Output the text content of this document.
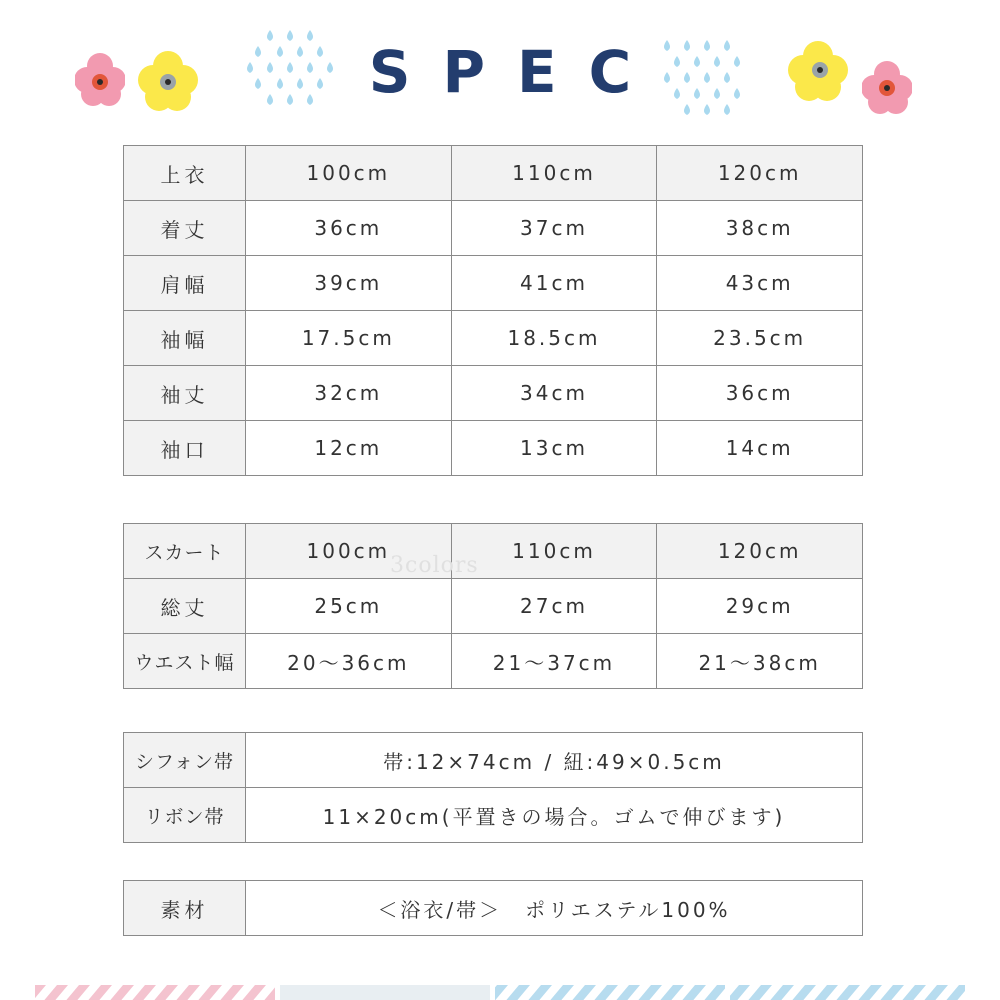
SPEC
上衣	100cm	110cm	120cm
着丈	36cm	37cm	38cm
肩幅	39cm	41cm	43cm
袖幅	17.5cm	18.5cm	23.5cm
袖丈	32cm	34cm	36cm
袖口	12cm	13cm	14cm
スカート	100cm	110cm	120cm
総丈	25cm	27cm	29cm
ウエスト幅	20～36cm	21～37cm	21～38cm
3colors
シフォン帯	帯:12×74cm / 紐:49×0.5cm
リボン帯	11×20cm(平置きの場合。ゴムで伸びます)
素材	＜浴衣/帯＞　ポリエステル100%
